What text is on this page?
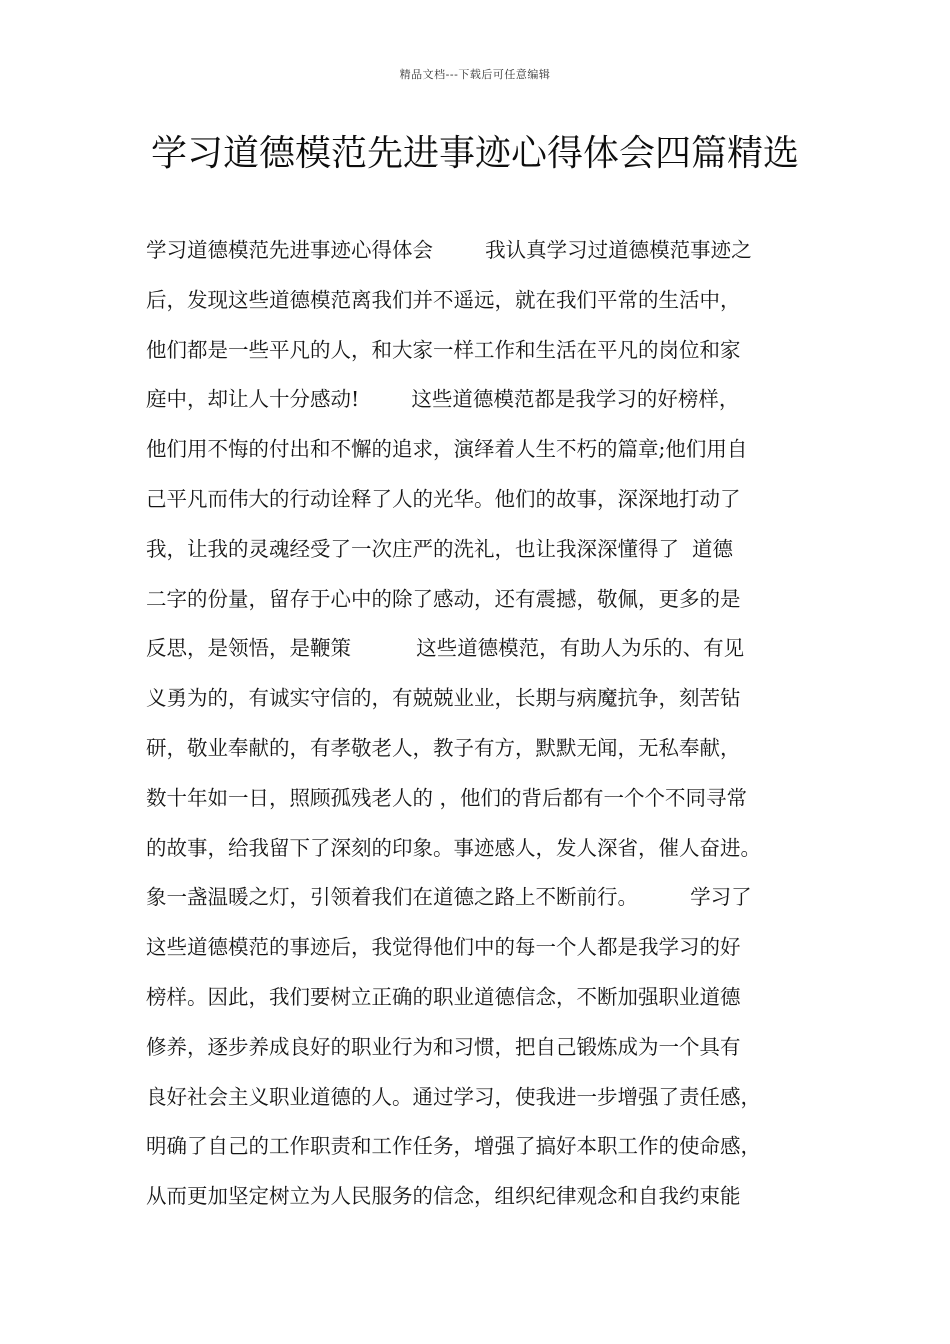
精品文档---下载后可任意编辑
学习道德模范先进事迹心得体会四篇精选
学习道德模范先进事迹心得体会        我认真学习过道德模范事迹之
后，发现这些道德模范离我们并不遥远，就在我们平常的生活中，
他们都是一些平凡的人，和大家一样工作和生活在平凡的岗位和家
庭中，却让人十分感动!        这些道德模范都是我学习的好榜样，
他们用不悔的付出和不懈的追求，演绎着人生不朽的篇章;他们用自
己平凡而伟大的行动诠释了人的光华。他们的故事，深深地打动了
我，让我的灵魂经受了一次庄严的洗礼，也让我深深懂得了  道德
二字的份量，留存于心中的除了感动，还有震撼，敬佩，更多的是
反思，是领悟，是鞭策          这些道德模范，有助人为乐的、有见
义勇为的，有诚实守信的，有兢兢业业，长期与病魔抗争，刻苦钻
研，敬业奉献的，有孝敬老人，教子有方，默默无闻，无私奉献，
数十年如一日，照顾孤残老人的 ，他们的背后都有一个个不同寻常
的故事，给我留下了深刻的印象。事迹感人，发人深省，催人奋进。
象一盏温暖之灯，引领着我们在道德之路上不断前行。        学习了
这些道德模范的事迹后，我觉得他们中的每一个人都是我学习的好
榜样。因此，我们要树立正确的职业道德信念，不断加强职业道德
修养，逐步养成良好的职业行为和习惯，把自己锻炼成为一个具有
良好社会主义职业道德的人。通过学习，使我进一步增强了责任感，
明确了自己的工作职责和工作任务，增强了搞好本职工作的使命感，
从而更加坚定树立为人民服务的信念，组织纪律观念和自我约束能
